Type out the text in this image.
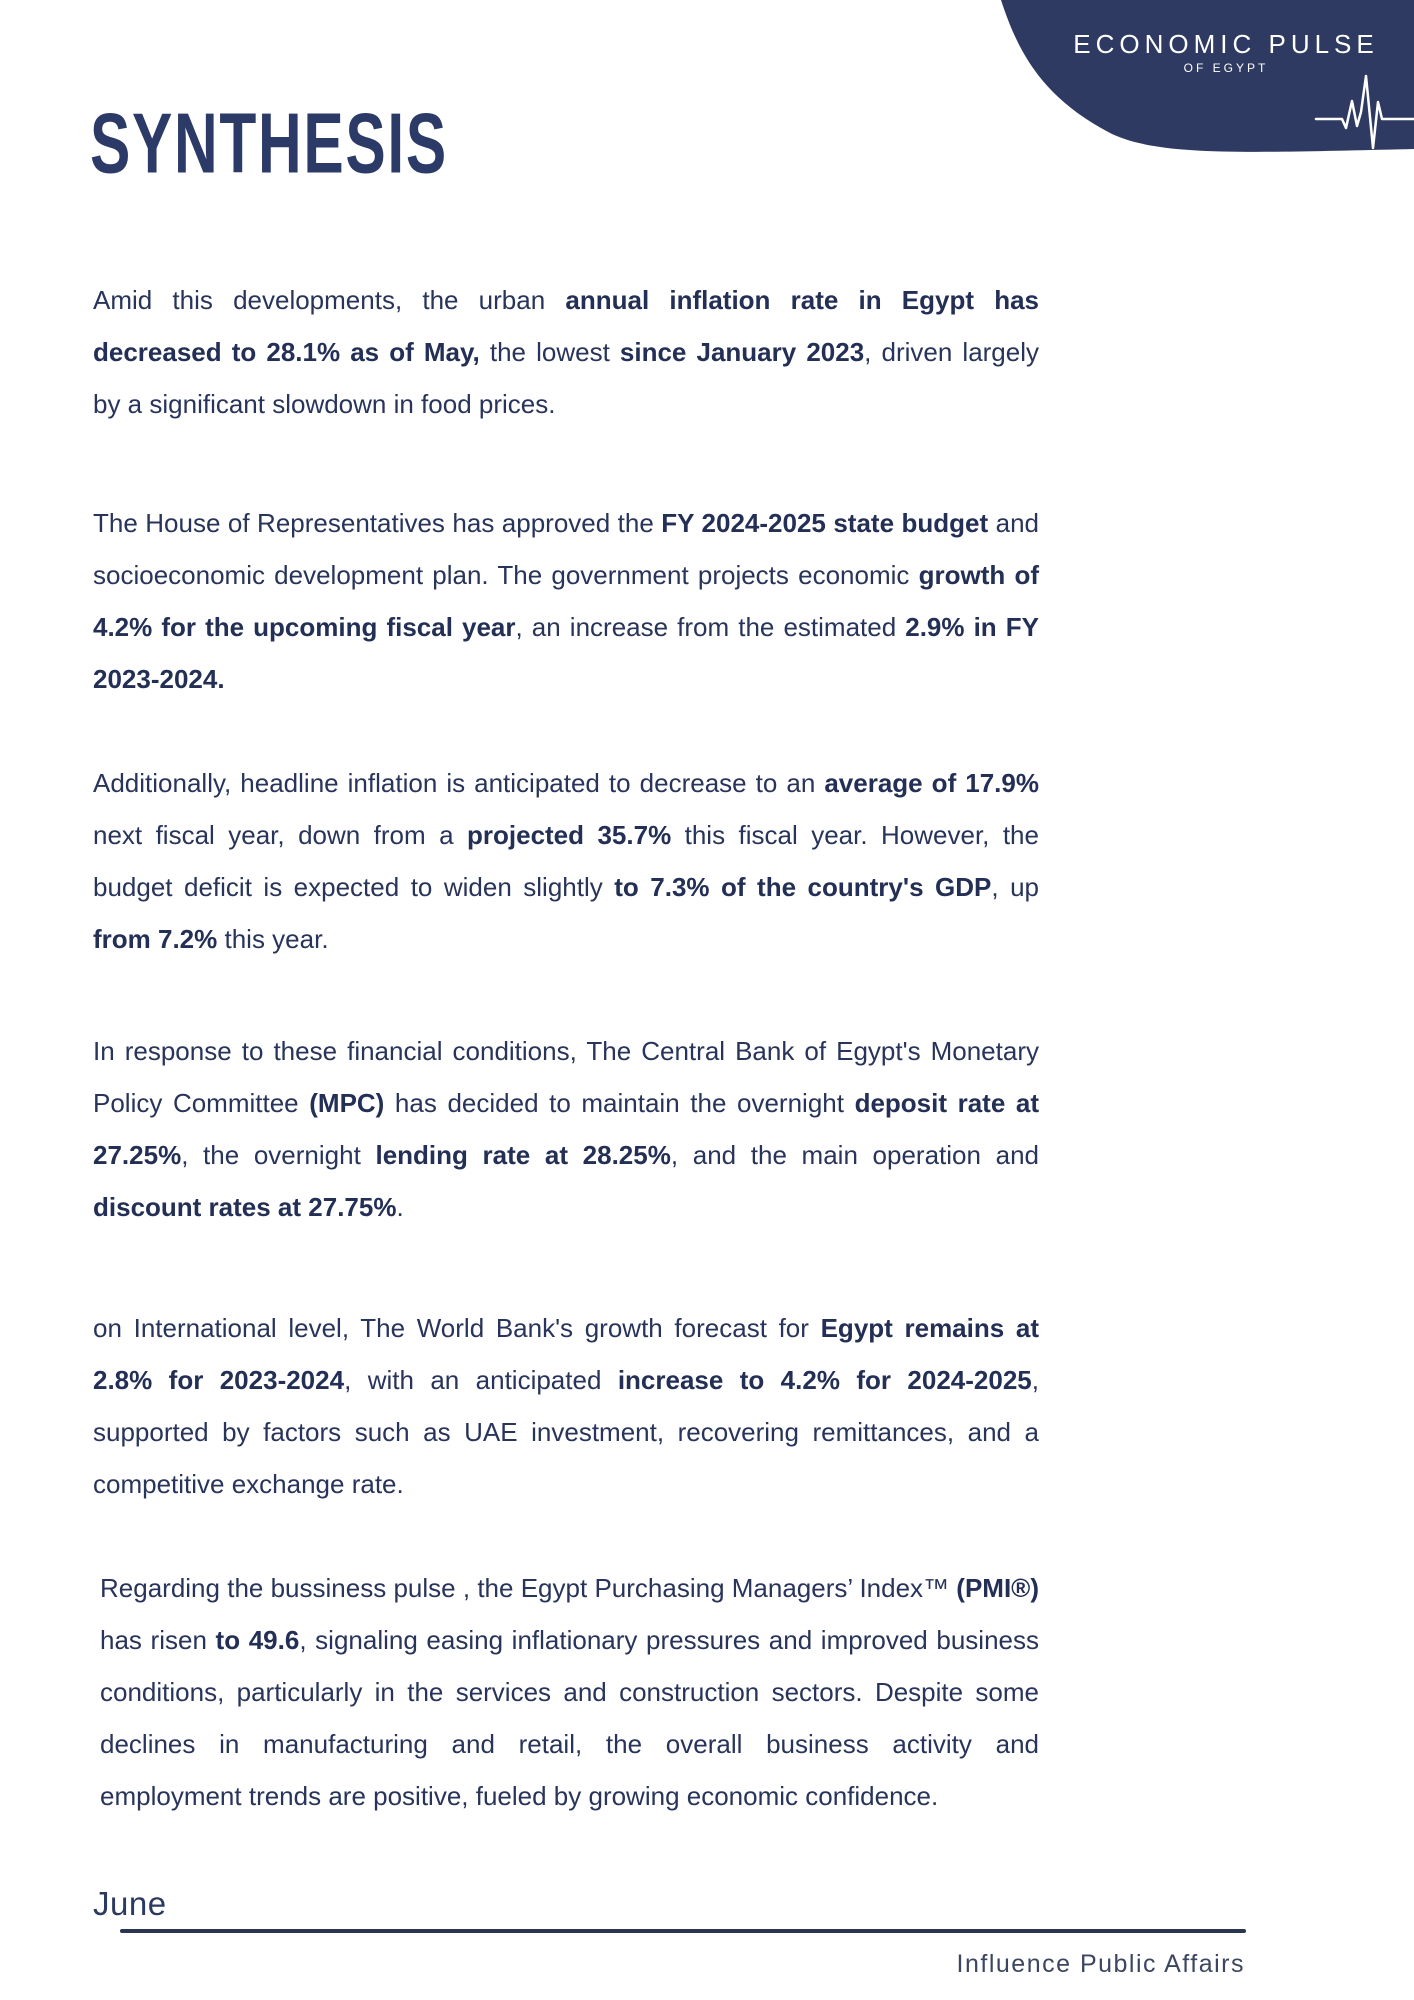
ECONOMIC PULSE
OF EGYPT
SYNTHESIS

Amid this developments, the urban annual inflation rate in Egypt has decreased to 28.1% as of May, the lowest since January 2023, driven largely by a significant slowdown in food prices.

The House of Representatives has approved the FY 2024-2025 state budget and socioeconomic development plan. The government projects economic growth of 4.2% for the upcoming fiscal year, an increase from the estimated 2.9% in FY 2023-2024.

Additionally, headline inflation is anticipated to decrease to an average of 17.9% next fiscal year, down from a projected 35.7% this fiscal year. However, the budget deficit is expected to widen slightly to 7.3% of the country's GDP, up from 7.2% this year.

In response to these financial conditions, The Central Bank of Egypt's Monetary Policy Committee (MPC) has decided to maintain the overnight deposit rate at 27.25%, the overnight lending rate at 28.25%, and the main operation and discount rates at 27.75%.

on International level, The World Bank's growth forecast for Egypt remains at 2.8% for 2023-2024, with an anticipated increase to 4.2% for 2024-2025, supported by factors such as UAE investment, recovering remittances, and a competitive exchange rate.

Regarding the bussiness pulse , the Egypt Purchasing Managers’ Index™ (PMI®) has risen to 49.6, signaling easing inflationary pressures and improved business conditions, particularly in the services and construction sectors. Despite some declines in manufacturing and retail, the overall business activity and employment trends are positive, fueled by growing economic confidence.

June
Influence Public Affairs
